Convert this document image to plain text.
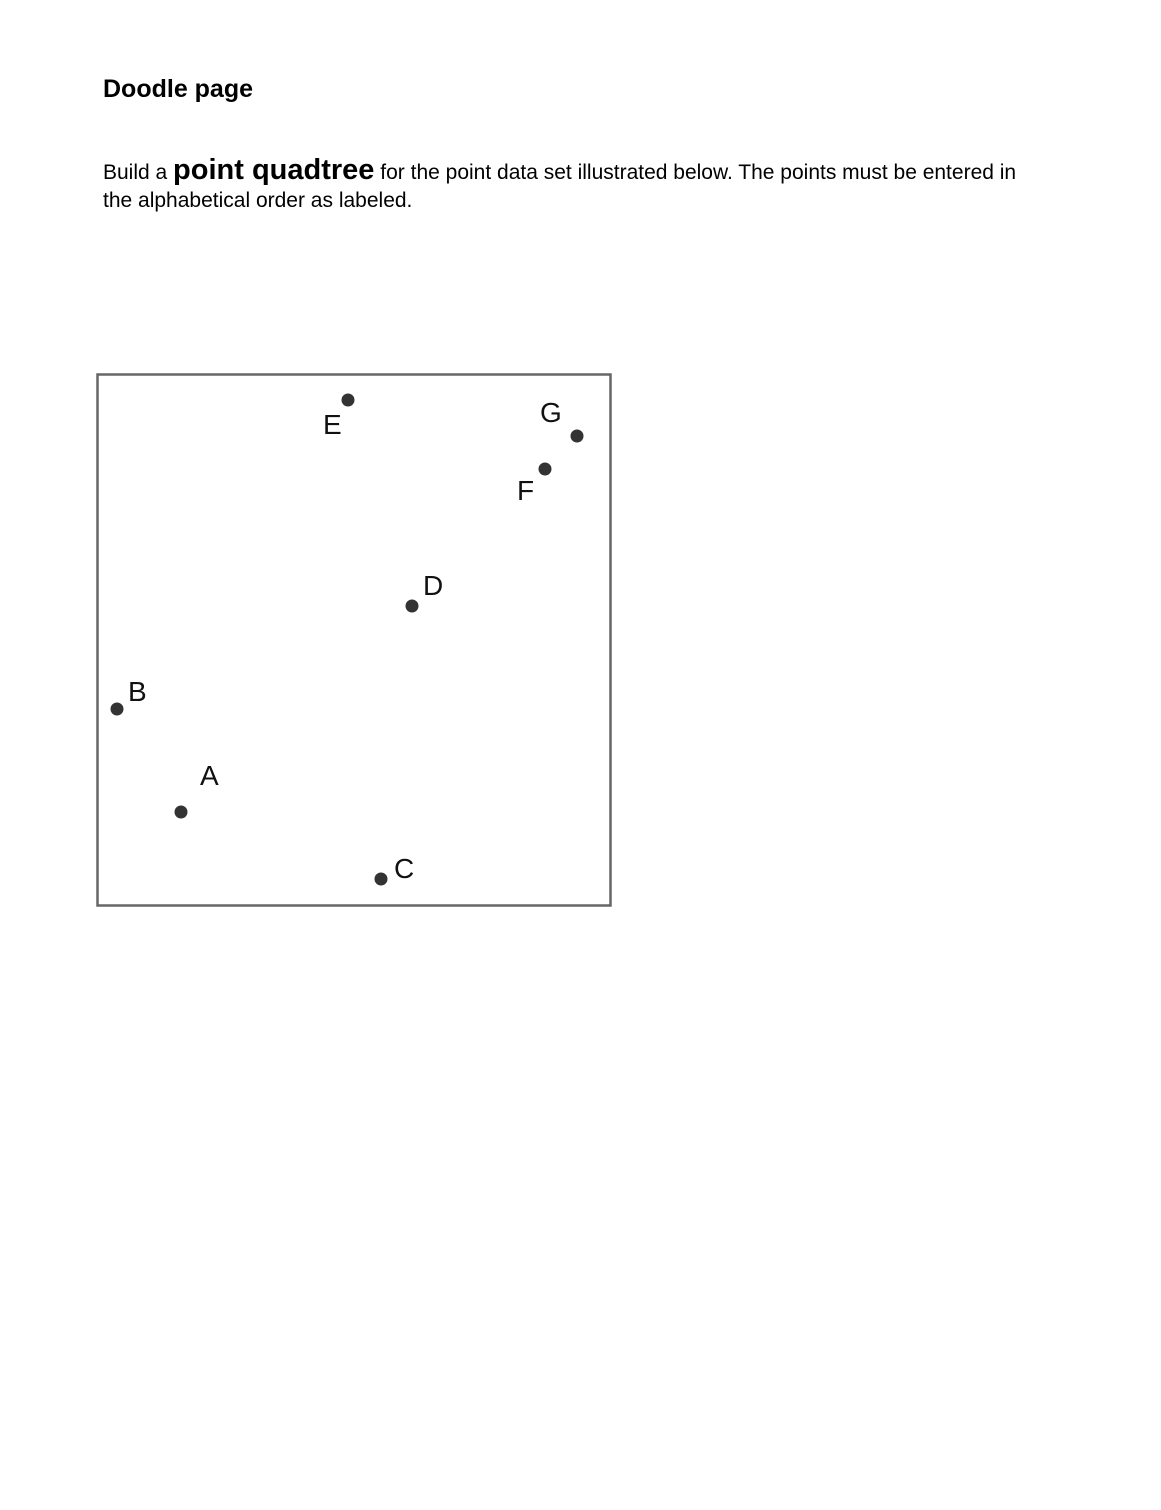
Doodle page

Build a point quadtree for the point data set illustrated below. The points must be entered in the alphabetical order as labeled.

A
B
C
D
E
F
G
